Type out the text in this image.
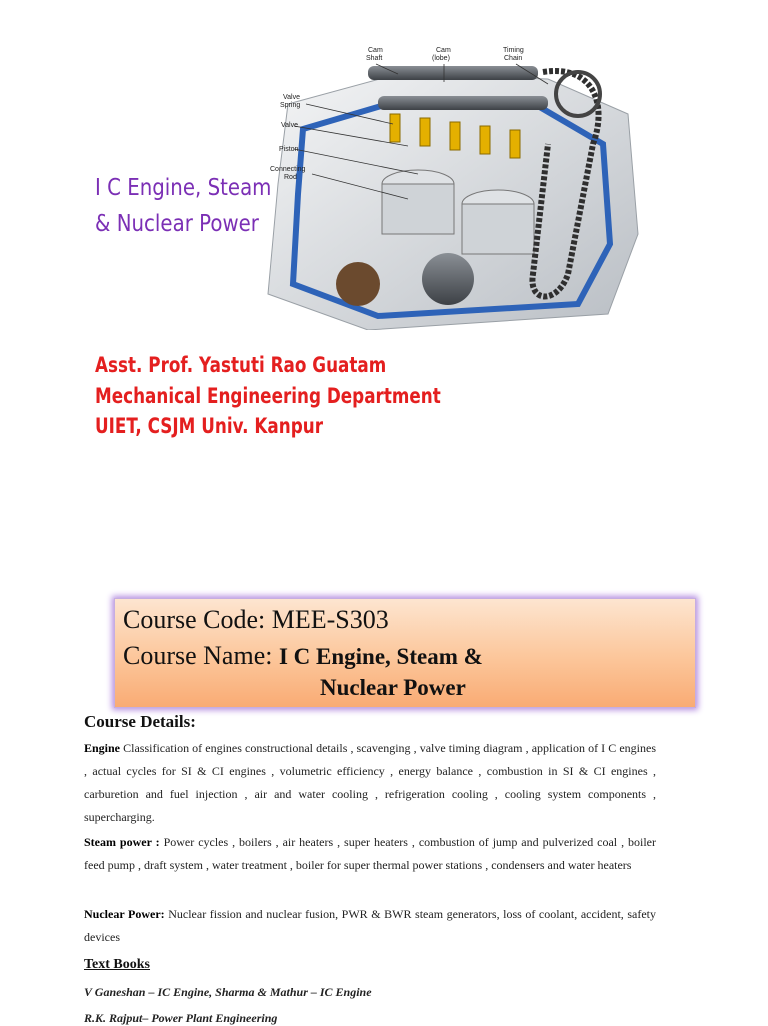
Cam
Shaft
Cam
(lobe)
Timing
Chain
Valve
Spring
Valve
Piston
Connecting
Rod
I C Engine, Steam
& Nuclear Power
Asst. Prof. Yastuti Rao Guatam
Mechanical Engineering Department
UIET, CSJM Univ. Kanpur
Course Code: MEE-S303
Course Name: I C Engine, Steam &
Nuclear Power
Course Details:
Engine Classification of engines constructional details , scavenging , valve timing diagram , application of I C engines , actual cycles for SI & CI engines , volumetric efficiency , energy balance , combustion in SI & CI engines , carburetion and fuel injection , air and water cooling , refrigeration cooling , cooling system components , supercharging.
Steam power : Power cycles , boilers , air heaters , super heaters , combustion of jump and pulverized coal , boiler feed pump , draft system , water treatment , boiler for super thermal power stations , condensers and water heaters
Nuclear Power: Nuclear fission and nuclear fusion, PWR & BWR steam generators, loss of coolant, accident, safety devices
Text Books
V Ganeshan – IC Engine, Sharma & Mathur – IC Engine
R.K. Rajput– Power Plant Engineering
